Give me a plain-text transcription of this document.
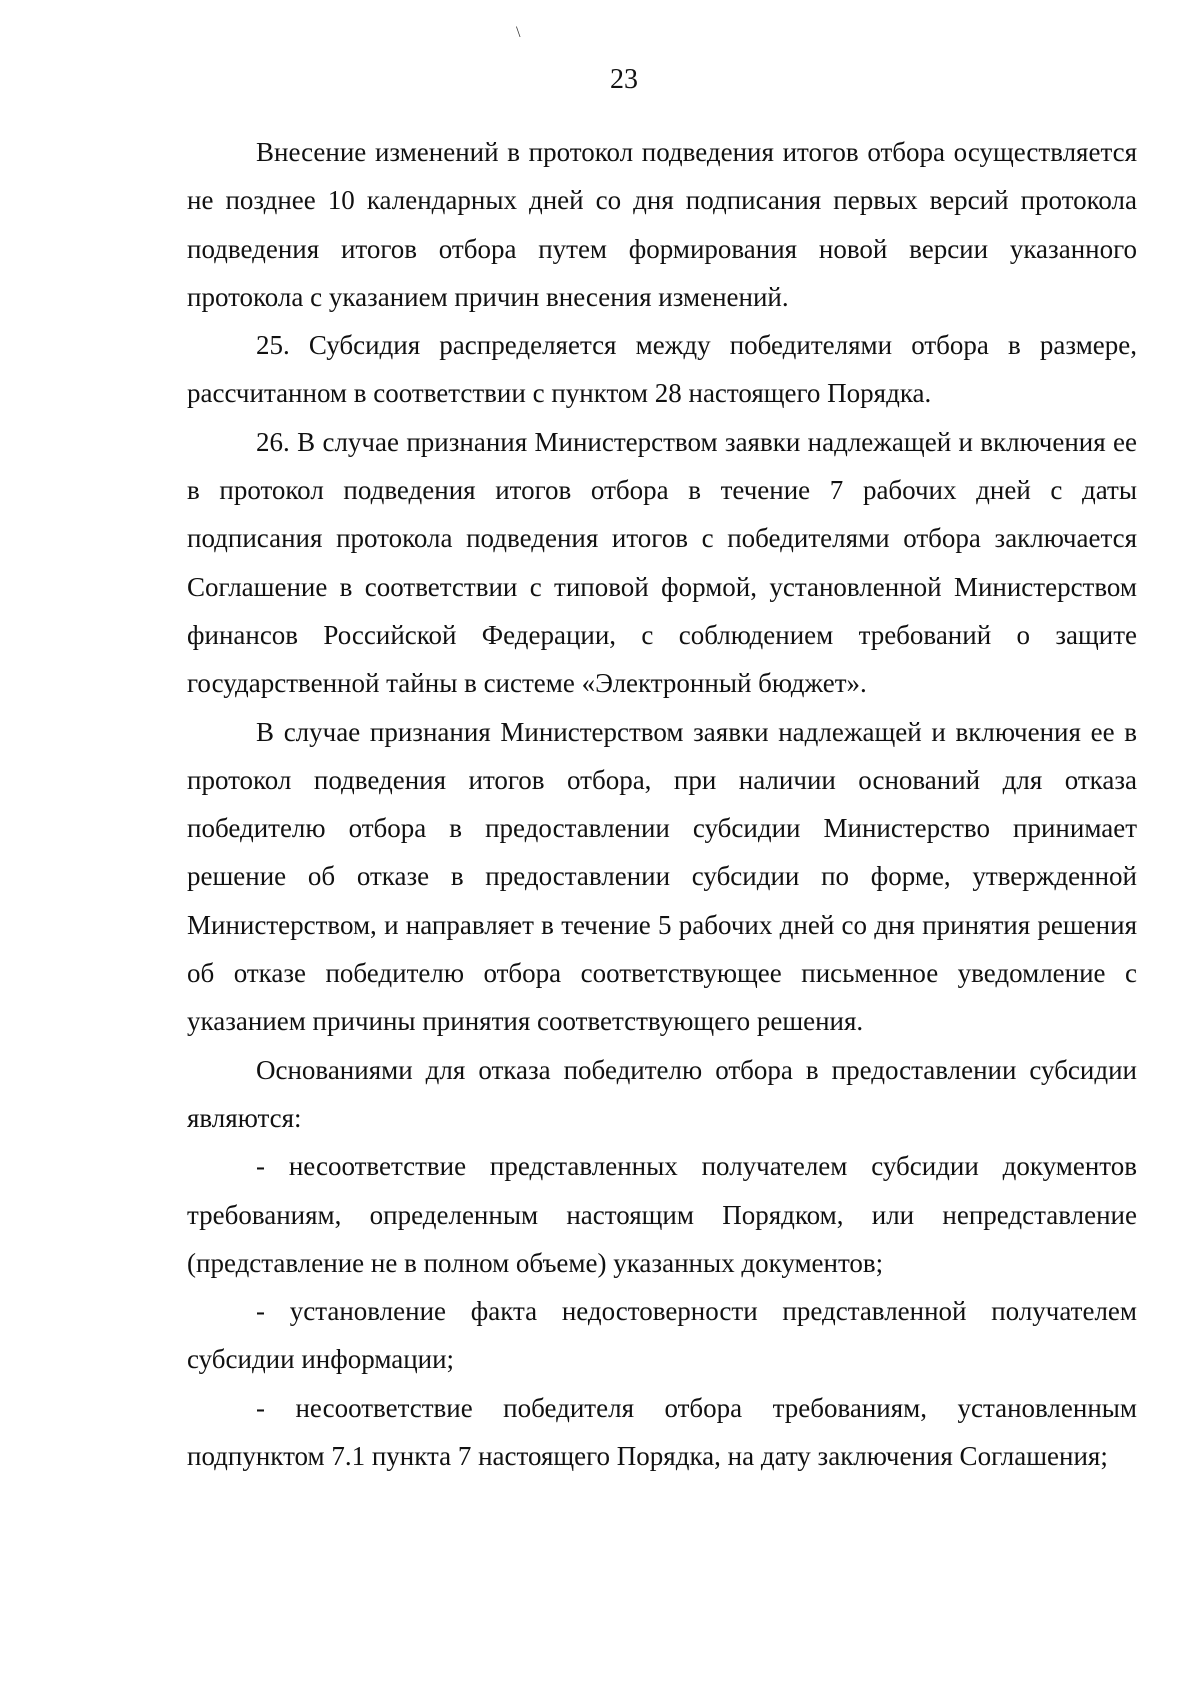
\
23

Внесение изменений в протокол подведения итогов отбора осуществляется не позднее 10 календарных дней со дня подписания первых версий протокола подведения итогов отбора путем формирования новой версии указанного протокола с указанием причин внесения изменений.

25. Субсидия распределяется между победителями отбора в размере, рассчитанном в соответствии с пунктом 28 настоящего Порядка.

26. В случае признания Министерством заявки надлежащей и включения ее в протокол подведения итогов отбора в течение 7 рабочих дней с даты подписания протокола подведения итогов с победителями отбора заключается Соглашение в соответствии с типовой формой, установленной Министерством финансов Российской Федерации, с соблюдением требований о защите государственной тайны в системе «Электронный бюджет».

В случае признания Министерством заявки надлежащей и включения ее в протокол подведения итогов отбора, при наличии оснований для отказа победителю отбора в предоставлении субсидии Министерство принимает решение об отказе в предоставлении субсидии по форме, утвержденной Министерством, и направляет в течение 5 рабочих дней со дня принятия решения об отказе победителю отбора соответствующее письменное уведомление с указанием причины принятия соответствующего решения.

Основаниями для отказа победителю отбора в предоставлении субсидии являются:

- несоответствие представленных получателем субсидии документов требованиям, определенным настоящим Порядком, или непредставление (представление не в полном объеме) указанных документов;

- установление факта недостоверности представленной получателем субсидии информации;

- несоответствие победителя отбора требованиям, установленным подпунктом 7.1 пункта 7 настоящего Порядка, на дату заключения Соглашения;
